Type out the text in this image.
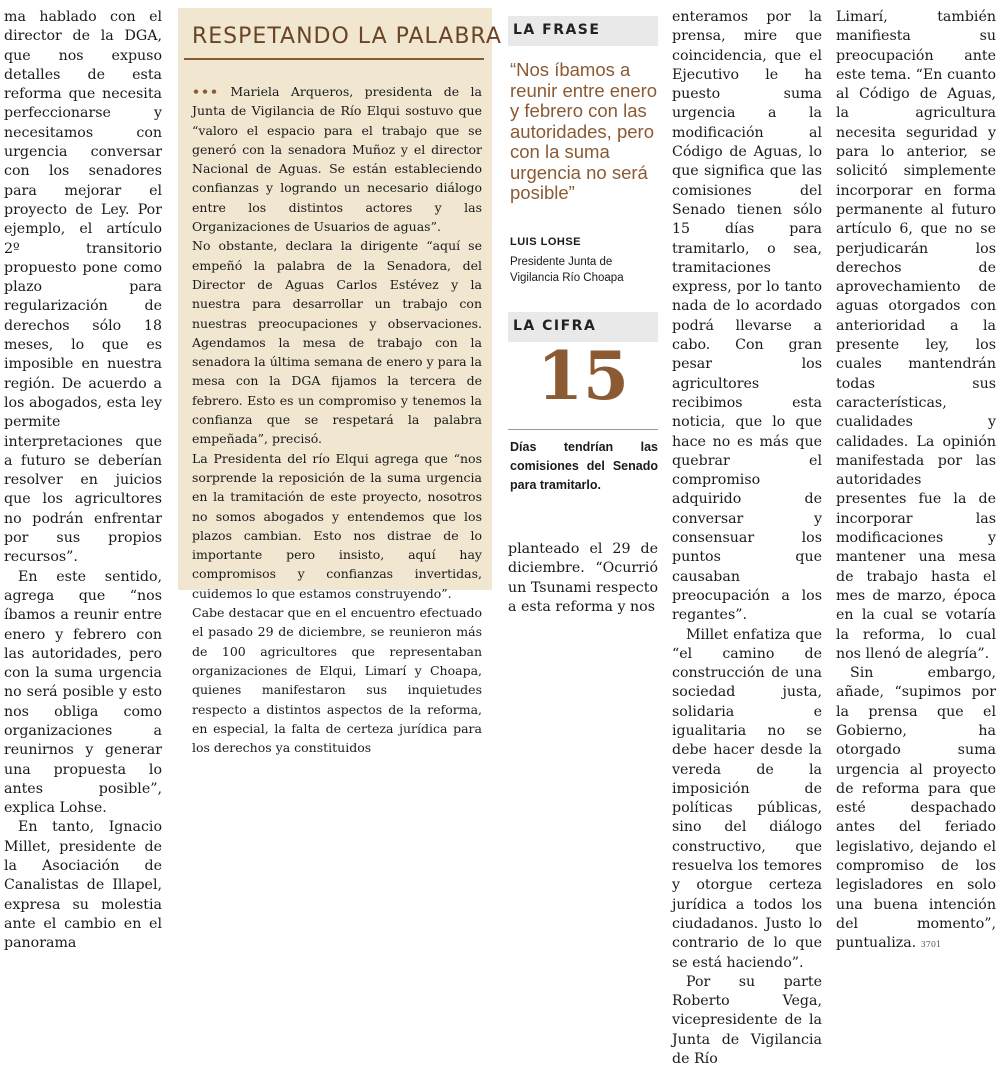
ma hablado con el director de la DGA, que nos expuso detalles de esta reforma que necesita perfeccionarse y necesitamos con urgencia conversar con los senadores para mejorar el proyecto de Ley. Por ejemplo, el artículo 2º transitorio propuesto pone como plazo para regularización de derechos sólo 18 meses, lo que es imposible en nuestra región. De acuerdo a los abogados, esta ley permite interpretaciones que a futuro se deberían resolver en juicios que los agricultores no podrán enfrentar por sus propios recursos”.

En este sentido, agrega que “nos íbamos a reunir entre enero y febrero con las autoridades, pero con la suma urgencia no será posible y esto nos obliga como organizaciones a reunirnos y generar una propuesta lo antes posible”, explica Lohse.

En tanto, Ignacio Millet, presidente de la Asociación de Canalistas de Illapel, expresa su molestia ante el cambio en el panorama

RESPETANDO LA PALABRA

••• Mariela Arqueros, presidenta de la Junta de Vigilancia de Río Elqui sostuvo que “valoro el espacio para el trabajo que se generó con la senadora Muñoz y el director Nacional de Aguas. Se están estableciendo confianzas y logrando un necesario diálogo entre los distintos actores y las Organizaciones de Usuarios de aguas”.

No obstante, declara la dirigente “aquí se empeñó la palabra de la Senadora, del Director de Aguas Carlos Estévez y la nuestra para desarrollar un trabajo con nuestras preocupaciones y observaciones. Agendamos la mesa de trabajo con la senadora la última semana de enero y para la mesa con la DGA fijamos la tercera de febrero. Esto es un compromiso y tenemos la confianza que se respetará la palabra empeñada”, precisó.

La Presidenta del río Elqui agrega que “nos sorprende la reposición de la suma urgencia en la tramitación de este proyecto, nosotros no somos abogados y entendemos que los plazos cambian. Esto nos distrae de lo importante pero insisto, aquí hay compromisos y confianzas invertidas, cuidemos lo que estamos construyendo”.

Cabe destacar que en el encuentro efectuado el pasado 29 de diciembre, se reunieron más de 100 agricultores que representaban organizaciones de Elqui, Limarí y Choapa, quienes manifestaron sus inquietudes respecto a distintos aspectos de la reforma, en especial, la falta de certeza jurídica para los derechos ya constituidos

LA FRASE
“Nos íbamos a reunir entre enero y febrero con las autoridades, pero con la suma urgencia no será posible”
LUIS LOHSE
Presidente Junta de Vigilancia Río Choapa
LA CIFRA
15
Días tendrían las comisiones del Senado para tramitarlo.

planteado el 29 de diciembre. “Ocurrió un Tsunami respecto a esta reforma y nos

enteramos por la prensa, mire que coincidencia, que el Ejecutivo le ha puesto suma urgencia a la modificación al Código de Aguas, lo que significa que las comisiones del Senado tienen sólo 15 días para tramitarlo, o sea, tramitaciones express, por lo tanto nada de lo acordado podrá llevarse a cabo. Con gran pesar los agricultores recibimos esta noticia, que lo que hace no es más que quebrar el compromiso adquirido de conversar y consensuar los puntos que causaban preocupación a los regantes”.

Millet enfatiza que “el camino de construcción de una sociedad justa, solidaria e igualitaria no se debe hacer desde la vereda de la imposición de políticas públicas, sino del diálogo constructivo, que resuelva los temores y otorgue certeza jurídica a todos los ciudadanos. Justo lo contrario de lo que se está haciendo”.

Por su parte Roberto Vega, vicepresidente de la Junta de Vigilancia de Río

Limarí, también manifiesta su preocupación ante este tema. “En cuanto al Código de Aguas, la agricultura necesita seguridad y para lo anterior, se solicitó simplemente incorporar en forma permanente al futuro artículo 6, que no se perjudicarán los derechos de aprovechamiento de aguas otorgados con anterioridad a la presente ley, los cuales mantendrán todas sus características, cualidades y calidades. La opinión manifestada por las autoridades presentes fue la de incorporar las modificaciones y mantener una mesa de trabajo hasta el mes de marzo, época en la cual se votaría la reforma, lo cual nos llenó de alegría”.

Sin embargo, añade, “supimos por la prensa que el Gobierno, ha otorgado suma urgencia al proyecto de reforma para que esté despachado antes del feriado legislativo, dejando el compromiso de los legisladores en solo una buena intención del momento”, puntualiza. 3701
